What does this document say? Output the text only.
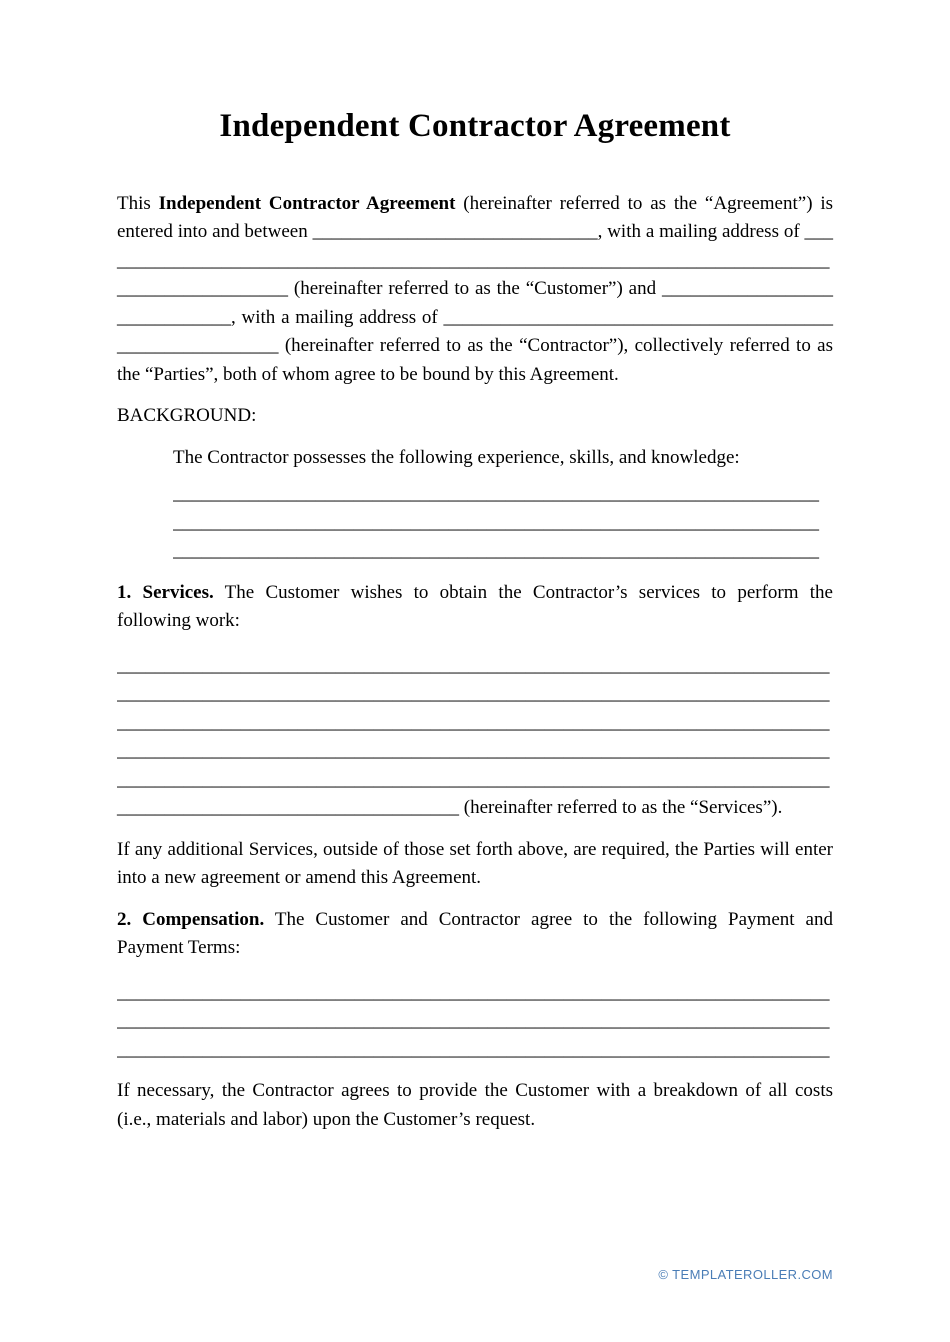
Independent Contractor Agreement

This Independent Contractor Agreement (hereinafter referred to as the “Agreement”) is entered into and between ______________________________, with a mailing address of ________________________________________________________________________________________________ (hereinafter referred to as the “Customer”) and ______________________________, with a mailing address of __________________________________________________________ (hereinafter referred to as the “Contractor”), collectively referred to as the “Parties”, both of whom agree to be bound by this Agreement.

BACKGROUND:

The Contractor possesses the following experience, skills, and knowledge:
____________________________________________________________________
____________________________________________________________________
____________________________________________________________________

1. Services. The Customer wishes to obtain the Contractor’s services to perform the following work:

___________________________________________________________________________
___________________________________________________________________________
___________________________________________________________________________
___________________________________________________________________________
___________________________________________________________________________
____________________________________ (hereinafter referred to as the “Services”).

If any additional Services, outside of those set forth above, are required, the Parties will enter into a new agreement or amend this Agreement.

2. Compensation. The Customer and Contractor agree to the following Payment and Payment Terms:

___________________________________________________________________________
___________________________________________________________________________
___________________________________________________________________________

If necessary, the Contractor agrees to provide the Customer with a breakdown of all costs (i.e., materials and labor) upon the Customer’s request.

© TEMPLATEROLLER.COM
